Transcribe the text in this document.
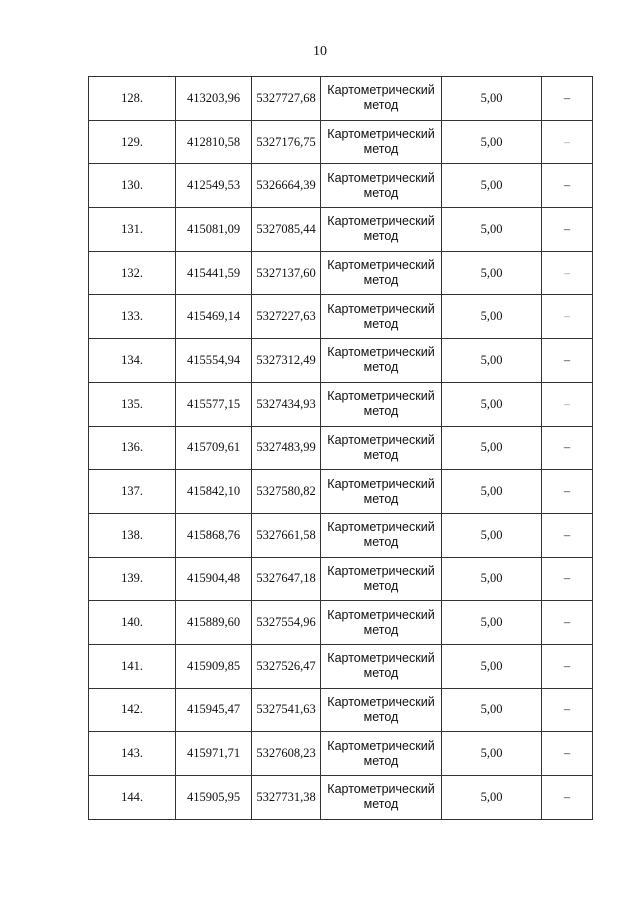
10
128.	413203,96	5327727,68	Картометрический
метод	5,00	–
129.	412810,58	5327176,75	Картометрический
метод	5,00	–
130.	412549,53	5326664,39	Картометрический
метод	5,00	–
131.	415081,09	5327085,44	Картометрический
метод	5,00	–
132.	415441,59	5327137,60	Картометрический
метод	5,00	–
133.	415469,14	5327227,63	Картометрический
метод	5,00	–
134.	415554,94	5327312,49	Картометрический
метод	5,00	–
135.	415577,15	5327434,93	Картометрический
метод	5,00	–
136.	415709,61	5327483,99	Картометрический
метод	5,00	–
137.	415842,10	5327580,82	Картометрический
метод	5,00	–
138.	415868,76	5327661,58	Картометрический
метод	5,00	–
139.	415904,48	5327647,18	Картометрический
метод	5,00	–
140.	415889,60	5327554,96	Картометрический
метод	5,00	–
141.	415909,85	5327526,47	Картометрический
метод	5,00	–
142.	415945,47	5327541,63	Картометрический
метод	5,00	–
143.	415971,71	5327608,23	Картометрический
метод	5,00	–
144.	415905,95	5327731,38	Картометрический
метод	5,00	–
